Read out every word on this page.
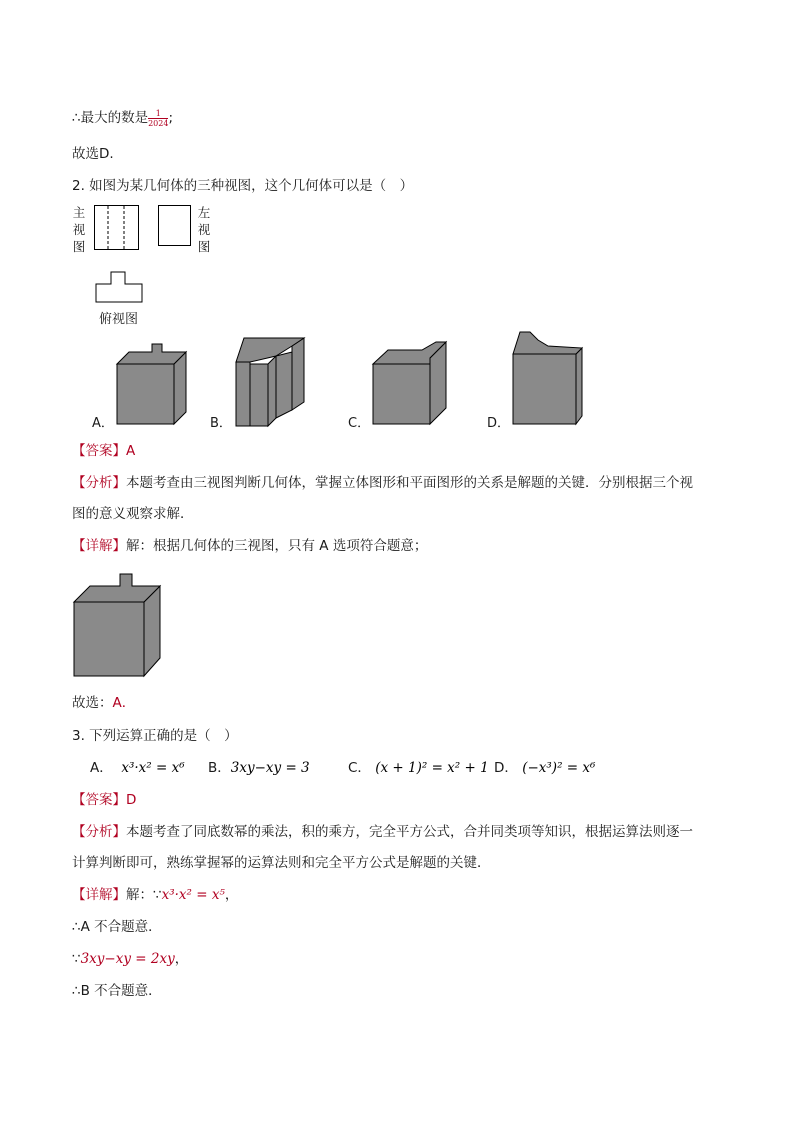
∴最大的数是 $\frac{1}{2024}$ ;
故选D.
2. 如图为某几何体的三种视图，这个几何体可以是（　）
主
视
图
左
视
图
俯视图
A．	B．	C．	D．
【答案】A
【分析】本题考查由三视图判断几何体，掌握立体图形和平面图形的关系是解题的关键．分别根据三个视
图的意义观察求解．
【详解】解：根据几何体的三视图，只有 A 选项符合题意；
故选：A．
3. 下列运算正确的是（　）
A． x³·x² = x⁶ B．3xy−xy = 3	C． (x + 1)² = x² + 1 D． (−x³)² = x⁶
【答案】D
【分析】本题考查了同底数幂的乘法，积的乘方，完全平方公式，合并同类项等知识，根据运算法则逐一
计算判断即可，熟练掌握幂的运算法则和完全平方公式是解题的关键．
【详解】解：∵x³·x² = x⁵，
∴A 不合题意．
∵3xy−xy = 2xy，
∴B 不合题意．
